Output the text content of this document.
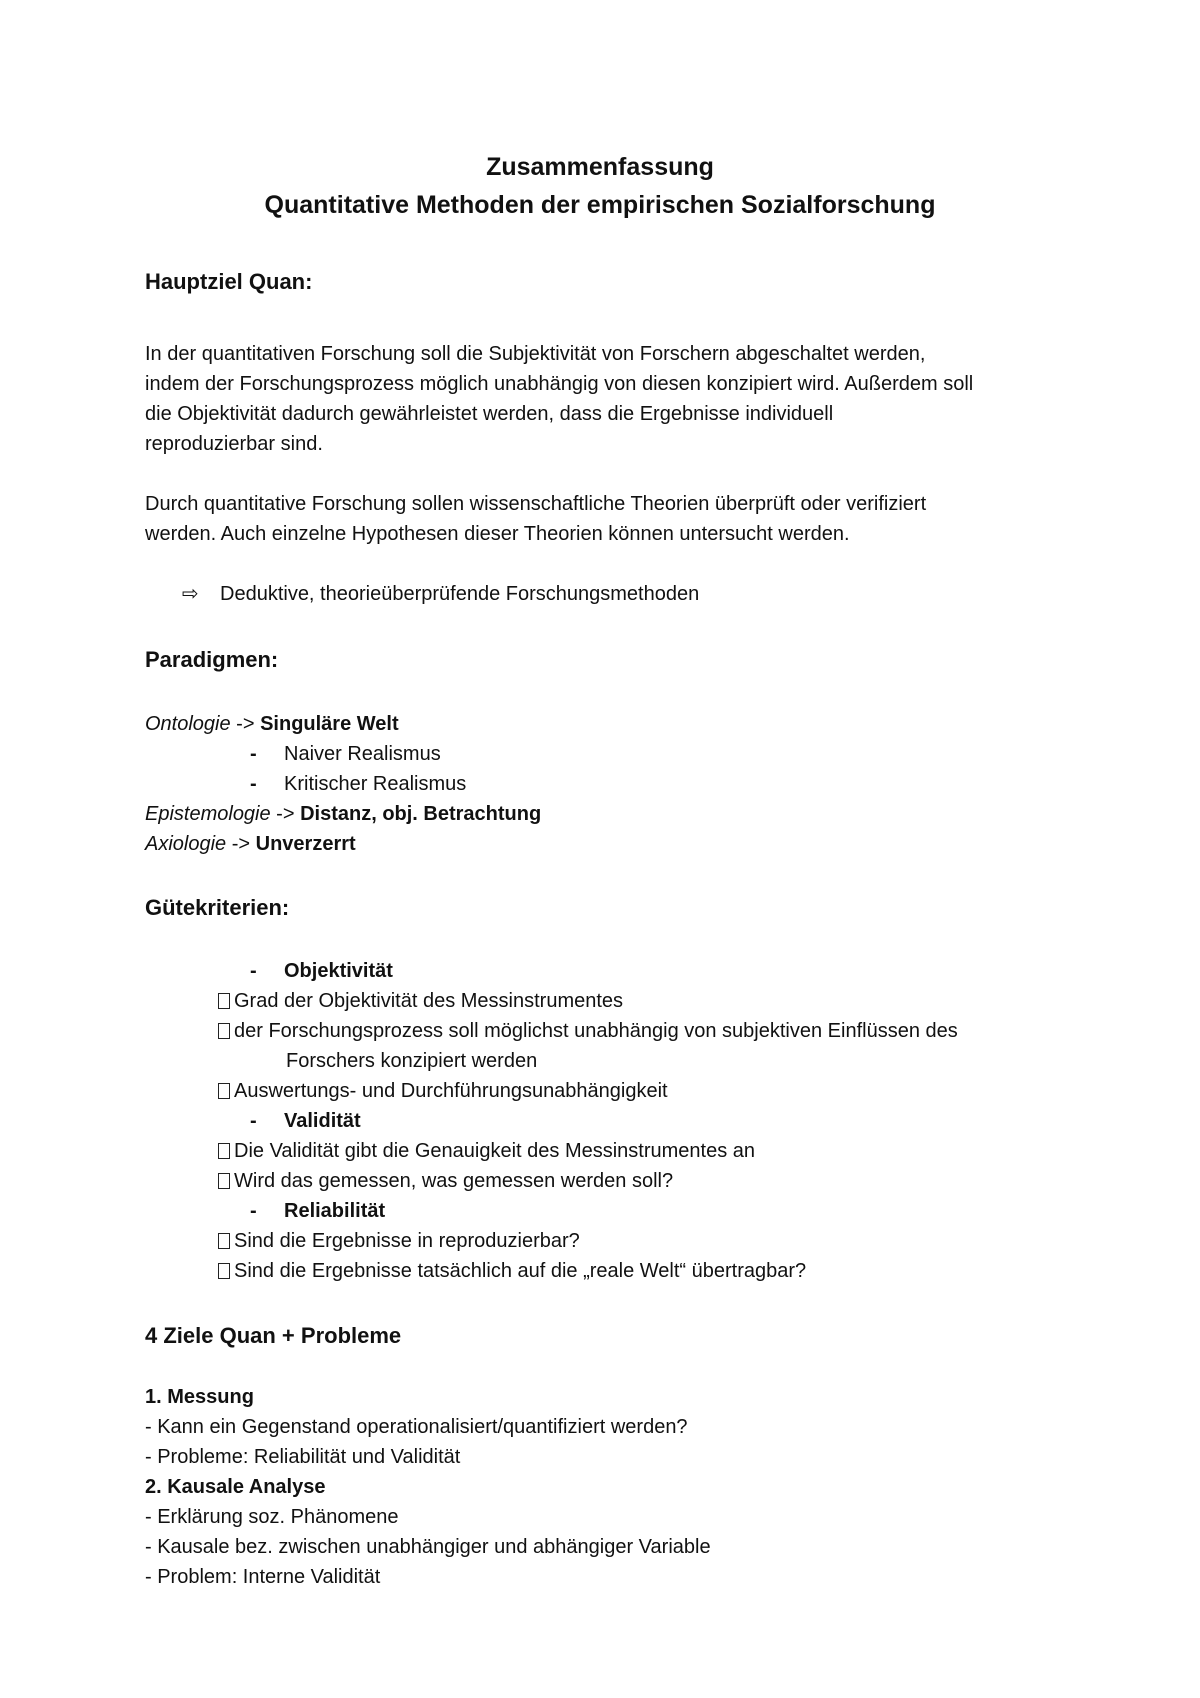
Zusammenfassung
Quantitative Methoden der empirischen Sozialforschung
Hauptziel Quan:
In der quantitativen Forschung soll die Subjektivität von Forschern abgeschaltet werden,
indem der Forschungsprozess möglich unabhängig von diesen konzipiert wird. Außerdem soll
die Objektivität dadurch gewährleistet werden, dass die Ergebnisse individuell
reproduzierbar sind.
Durch quantitative Forschung sollen wissenschaftliche Theorien überprüft oder verifiziert
werden. Auch einzelne Hypothesen dieser Theorien können untersucht werden.
⇨ Deduktive, theorieüberprüfende Forschungsmethoden
Paradigmen:
Ontologie -> Singuläre Welt
- Naiver Realismus
- Kritischer Realismus
Epistemologie -> Distanz, obj. Betrachtung
Axiologie -> Unverzerrt
Gütekriterien:
- Objektivität
Grad der Objektivität des Messinstrumentes
der Forschungsprozess soll möglichst unabhängig von subjektiven Einflüssen des
Forschers konzipiert werden
Auswertungs- und Durchführungsunabhängigkeit
- Validität
Die Validität gibt die Genauigkeit des Messinstrumentes an
Wird das gemessen, was gemessen werden soll?
- Reliabilität
Sind die Ergebnisse in reproduzierbar?
Sind die Ergebnisse tatsächlich auf die „reale Welt“ übertragbar?
4 Ziele Quan + Probleme
1. Messung
- Kann ein Gegenstand operationalisiert/quantifiziert werden?
- Probleme: Reliabilität und Validität
2. Kausale Analyse
- Erklärung soz. Phänomene
- Kausale bez. zwischen unabhängiger und abhängiger Variable
- Problem: Interne Validität
